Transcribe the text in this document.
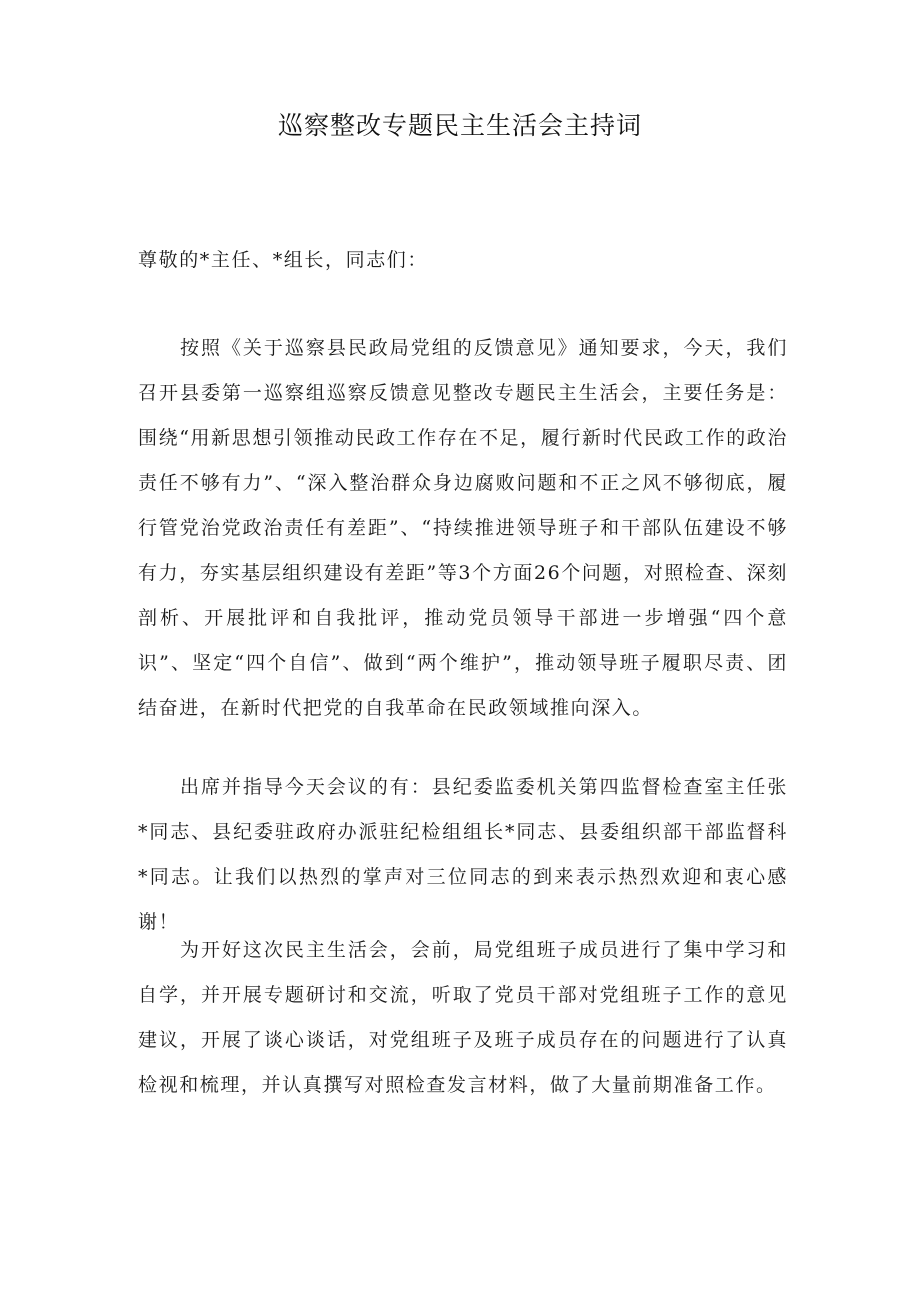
巡察整改专题民主生活会主持词

尊敬的*主任、*组长，同志们：

按照《关于巡察县民政局党组的反馈意见》通知要求，今天，我们召开县委第一巡察组巡察反馈意见整改专题民主生活会，主要任务是：围绕“用新思想引领推动民政工作存在不足，履行新时代民政工作的政治责任不够有力”、“深入整治群众身边腐败问题和不正之风不够彻底，履行管党治党政治责任有差距”、“持续推进领导班子和干部队伍建设不够有力，夯实基层组织建设有差距”等3个方面26个问题，对照检查、深刻剖析、开展批评和自我批评，推动党员领导干部进一步增强“四个意识”、坚定“四个自信”、做到“两个维护”，推动领导班子履职尽责、团结奋进，在新时代把党的自我革命在民政领域推向深入。

出席并指导今天会议的有：县纪委监委机关第四监督检查室主任张*同志、县纪委驻政府办派驻纪检组组长*同志、县委组织部干部监督科*同志。让我们以热烈的掌声对三位同志的到来表示热烈欢迎和衷心感谢！

为开好这次民主生活会，会前，局党组班子成员进行了集中学习和自学，并开展专题研讨和交流，听取了党员干部对党组班子工作的意见建议，开展了谈心谈话，对党组班子及班子成员存在的问题进行了认真检视和梳理，并认真撰写对照检查发言材料，做了大量前期准备工作。
